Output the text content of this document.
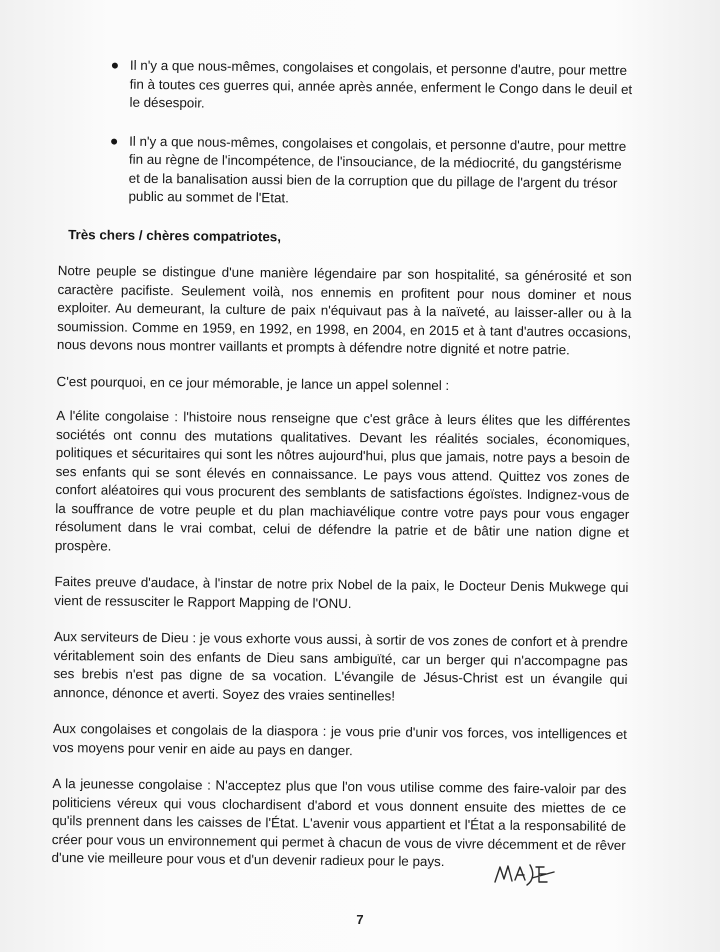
Il n'y a que nous-mêmes, congolaises et congolais, et personne d'autre, pour mettre fin à toutes ces guerres qui, année après année, enferment le Congo dans le deuil et le désespoir.
Il n'y a que nous-mêmes, congolaises et congolais, et personne d'autre, pour mettre fin au règne de l'incompétence, de l'insouciance, de la médiocrité, du gangstérisme et de la banalisation aussi bien de la corruption que du pillage de l'argent du trésor public au sommet de l'Etat.
Très chers / chères compatriotes,

Notre peuple se distingue d'une manière légendaire par son hospitalité, sa générosité et son caractère pacifiste. Seulement voilà, nos ennemis en profitent pour nous dominer et nous exploiter. Au demeurant, la culture de paix n'équivaut pas à la naïveté, au laisser-aller ou à la soumission. Comme en 1959, en 1992, en 1998, en 2004, en 2015 et à tant d'autres occasions, nous devons nous montrer vaillants et prompts à défendre notre dignité et notre patrie.

C'est pourquoi, en ce jour mémorable, je lance un appel solennel :

A l'élite congolaise : l'histoire nous renseigne que c'est grâce à leurs élites que les différentes sociétés ont connu des mutations qualitatives. Devant les réalités sociales, économiques, politiques et sécuritaires qui sont les nôtres aujourd'hui, plus que jamais, notre pays a besoin de ses enfants qui se sont élevés en connaissance. Le pays vous attend. Quittez vos zones de confort aléatoires qui vous procurent des semblants de satisfactions égoïstes. Indignez-vous de la souffrance de votre peuple et du plan machiavélique contre votre pays pour vous engager résolument dans le vrai combat, celui de défendre la patrie et de bâtir une nation digne et prospère.

Faites preuve d'audace, à l'instar de notre prix Nobel de la paix, le Docteur Denis Mukwege qui vient de ressusciter le Rapport Mapping de l'ONU.

Aux serviteurs de Dieu : je vous exhorte vous aussi, à sortir de vos zones de confort et à prendre véritablement soin des enfants de Dieu sans ambiguïté, car un berger qui n'accompagne pas ses brebis n'est pas digne de sa vocation. L'évangile de Jésus-Christ est un évangile qui annonce, dénonce et averti. Soyez des vraies sentinelles!

Aux congolaises et congolais de la diaspora : je vous prie d'unir vos forces, vos intelligences et vos moyens pour venir en aide au pays en danger.

A la jeunesse congolaise : N'acceptez plus que l'on vous utilise comme des faire-valoir par des politiciens véreux qui vous clochardisent d'abord et vous donnent ensuite des miettes de ce qu'ils prennent dans les caisses de l'État. L'avenir vous appartient et l'État a la responsabilité de créer pour vous un environnement qui permet à chacun de vous de vivre décemment et de rêver d'une vie meilleure pour vous et d'un devenir radieux pour le pays.

7
